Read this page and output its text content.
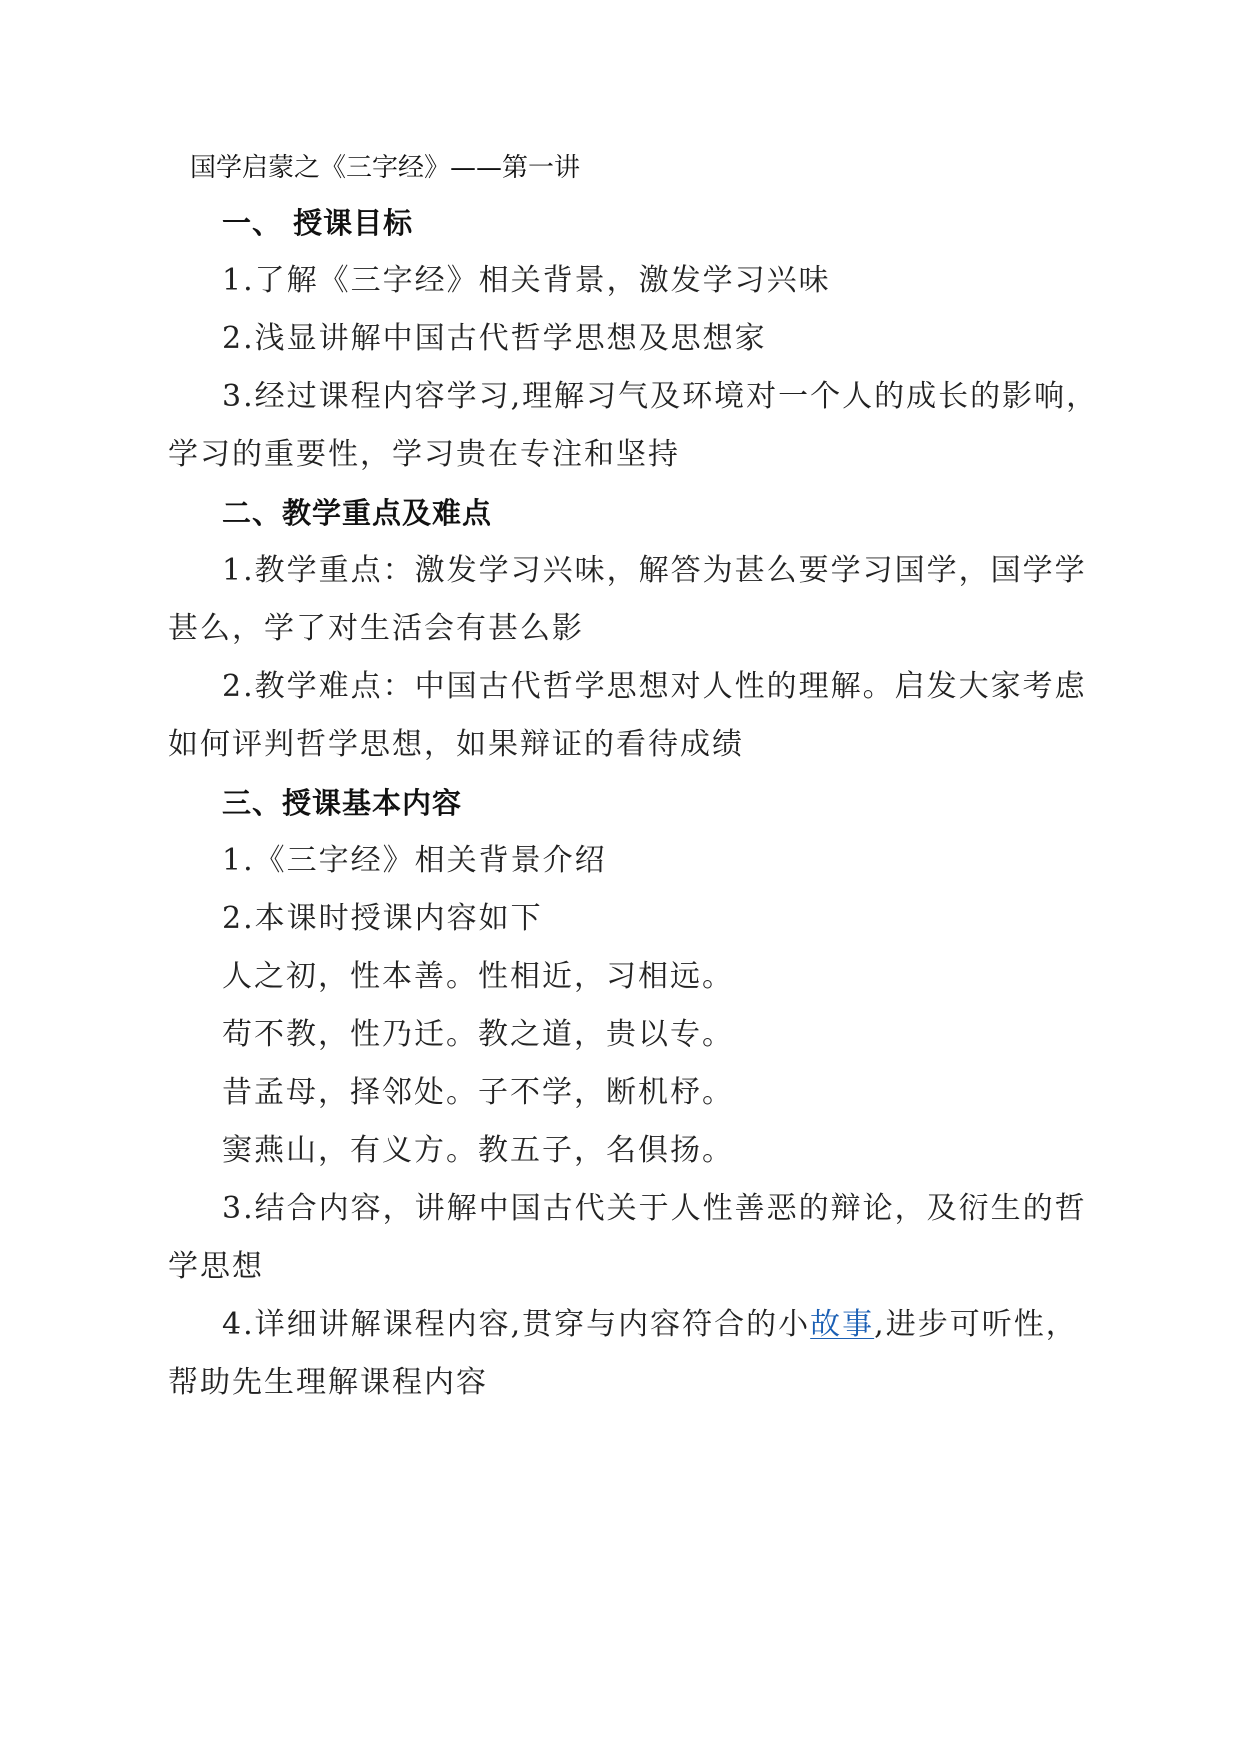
国学启蒙之《三字经》——第一讲
一、 授课目标
1.了解《三字经》相关背景，激发学习兴味
2.浅显讲解中国古代哲学思想及思想家
3.经过课程内容学习,理解习气及环境对一个人的成长的影响，
学习的重要性，学习贵在专注和坚持
二、教学重点及难点
1.教学重点：激发学习兴味，解答为甚么要学习国学，国学学
甚么，学了对生活会有甚么影
2.教学难点：中国古代哲学思想对人性的理解。启发大家考虑
如何评判哲学思想，如果辩证的看待成绩
三、授课基本内容
1.《三字经》相关背景介绍
2.本课时授课内容如下
人之初，性本善。性相近，习相远。
苟不教，性乃迁。教之道，贵以专。
昔孟母，择邻处。子不学，断机杼。
窦燕山，有义方。教五子，名俱扬。
3.结合内容，讲解中国古代关于人性善恶的辩论，及衍生的哲
学思想
4.详细讲解课程内容,贯穿与内容符合的小故事,进步可听性，
帮助先生理解课程内容
